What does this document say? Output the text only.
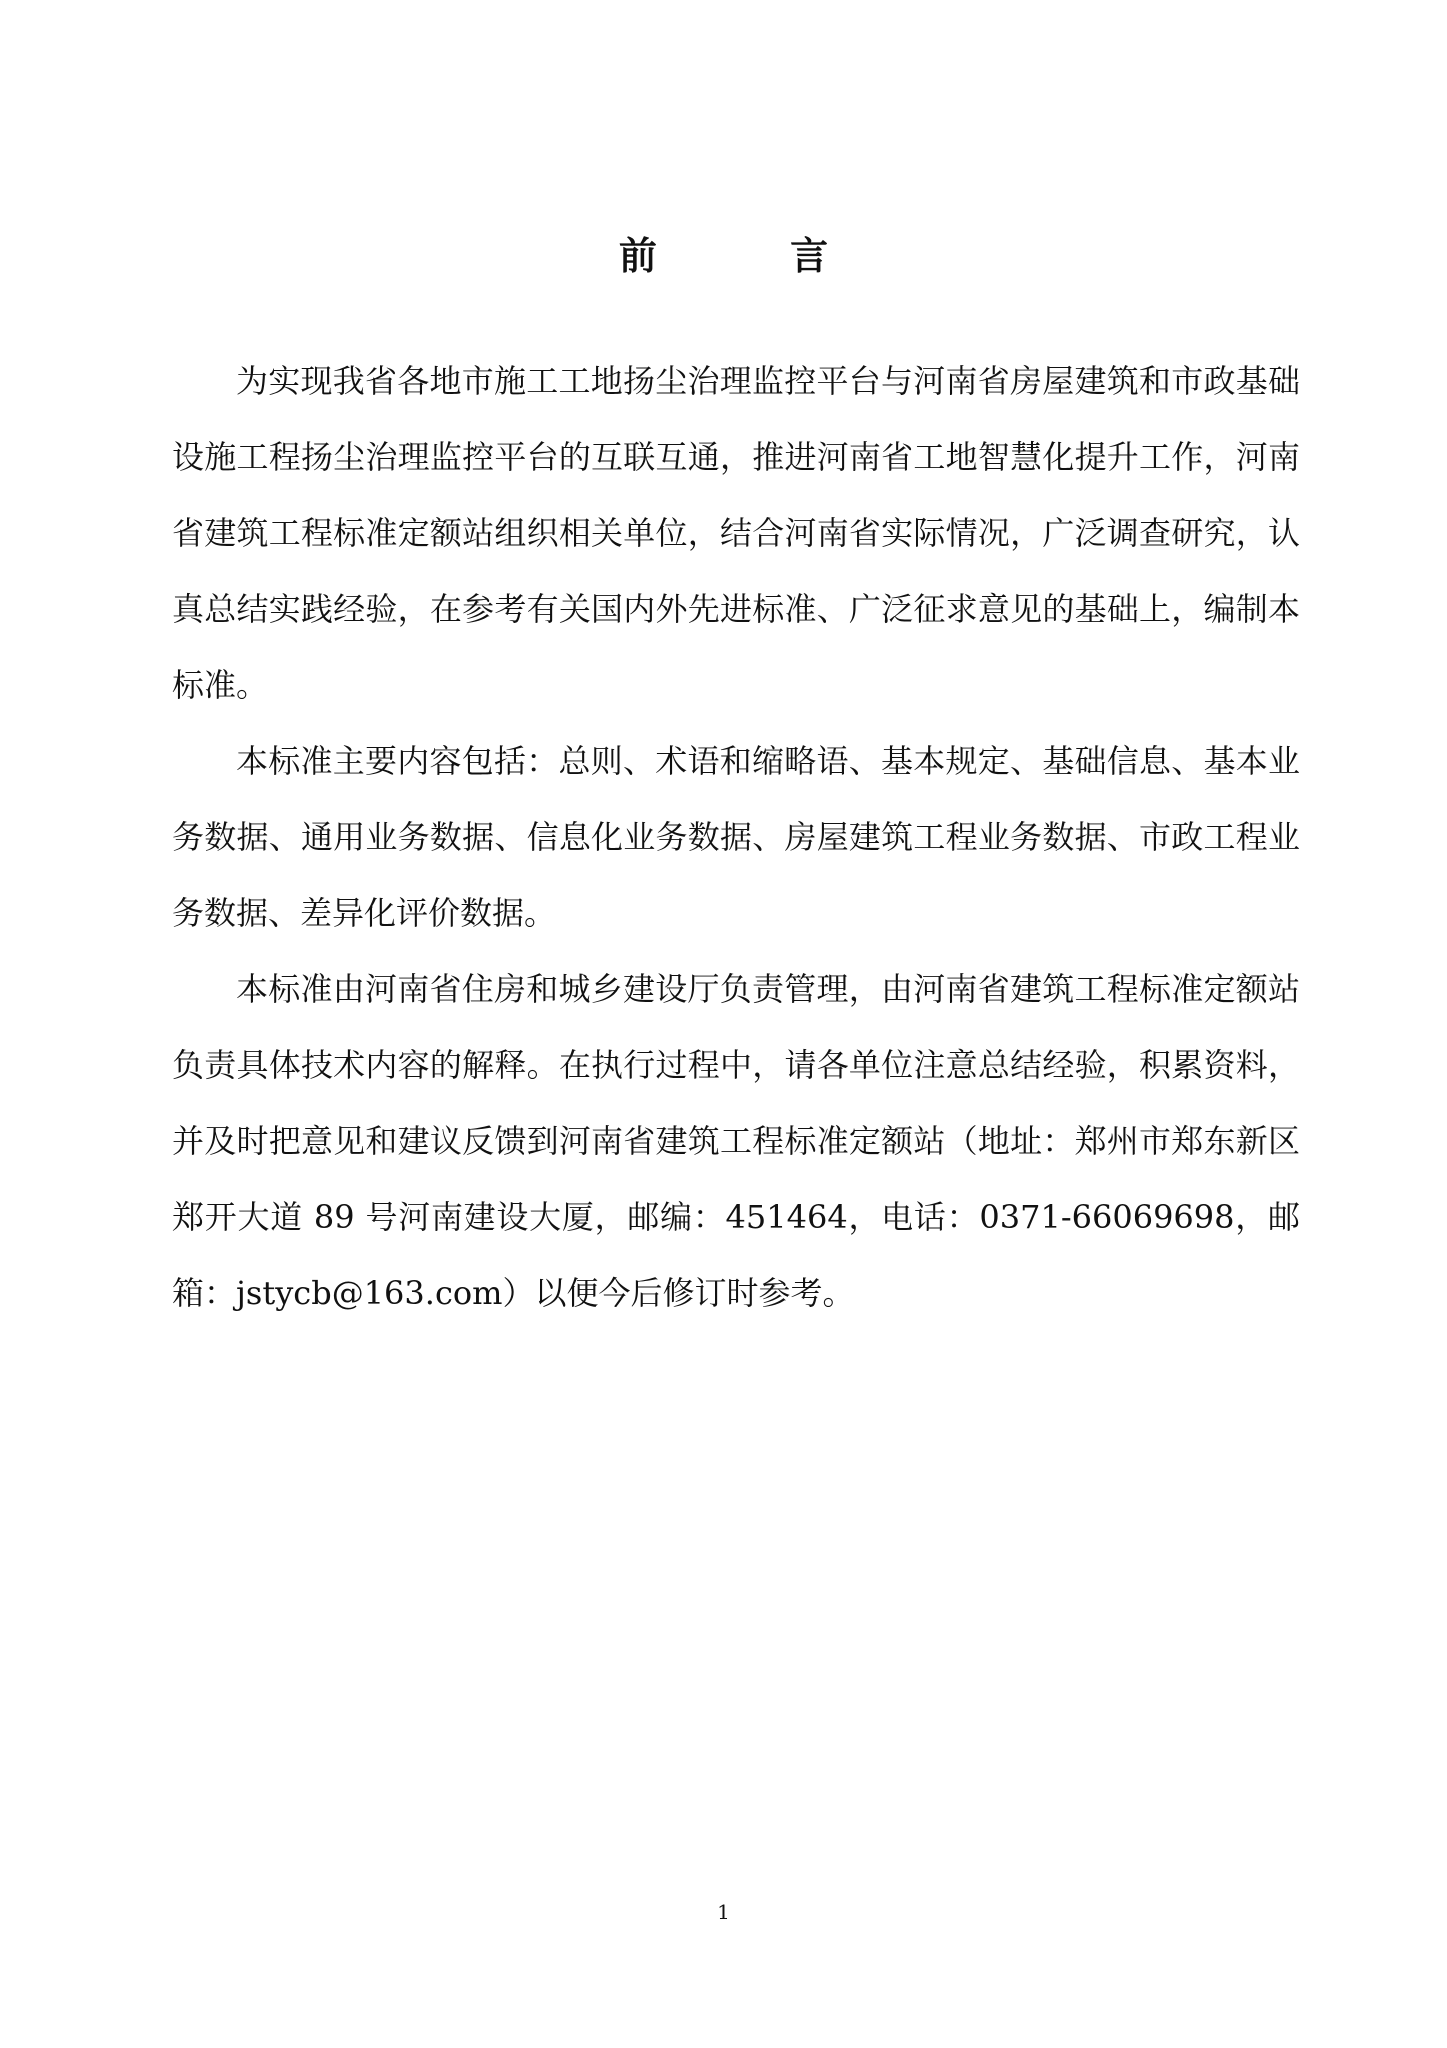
前 言

为实现我省各地市施工工地扬尘治理监控平台与河南省房屋建筑和市政基础设施工程扬尘治理监控平台的互联互通，推进河南省工地智慧化提升工作，河南省建筑工程标准定额站组织相关单位，结合河南省实际情况，广泛调查研究，认真总结实践经验，在参考有关国内外先进标准、广泛征求意见的基础上，编制本标准。

本标准主要内容包括：总则、术语和缩略语、基本规定、基础信息、基本业务数据、通用业务数据、信息化业务数据、房屋建筑工程业务数据、市政工程业务数据、差异化评价数据。

本标准由河南省住房和城乡建设厅负责管理，由河南省建筑工程标准定额站负责具体技术内容的解释。在执行过程中，请各单位注意总结经验，积累资料，并及时把意见和建议反馈到河南省建筑工程标准定额站（地址：郑州市郑东新区郑开大道 89 号河南建设大厦，邮编：451464，电话：0371-66069698，邮箱：jstycb@163.com）以便今后修订时参考。

1
